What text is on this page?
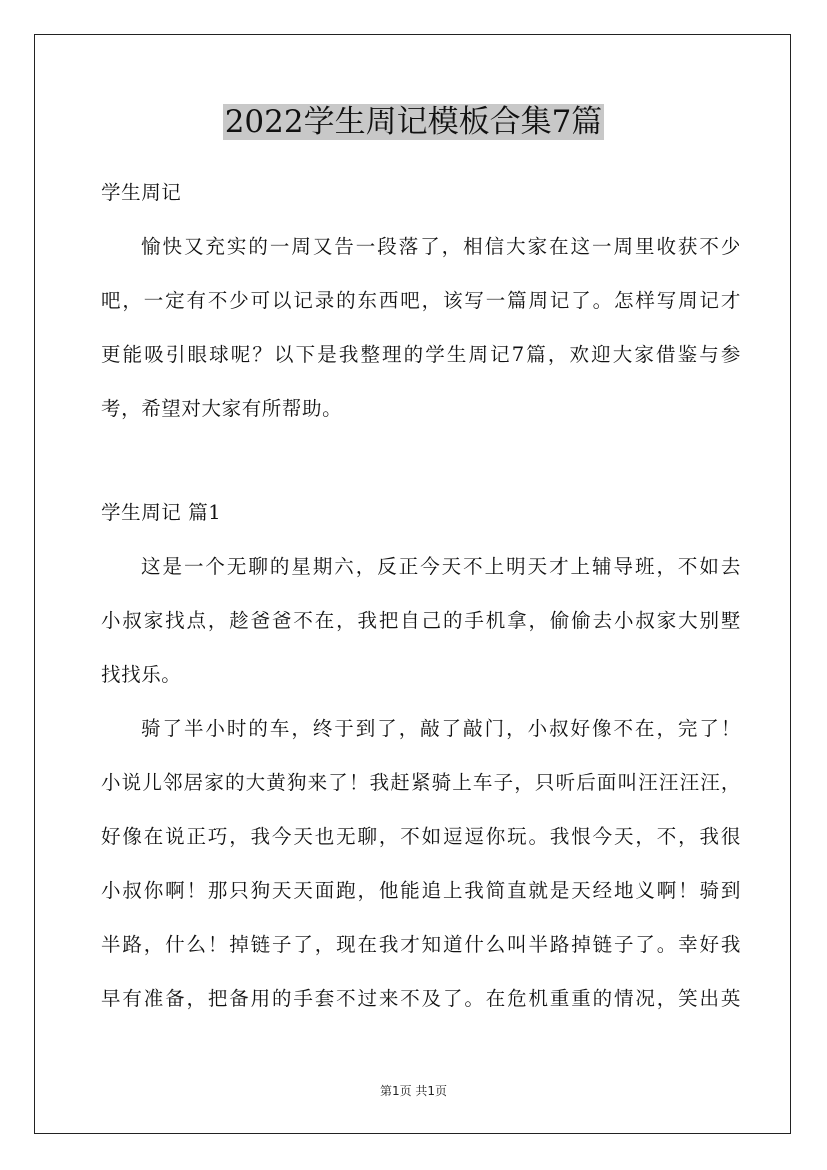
2022学生周记模板合集7篇
学生周记
愉快又充实的一周又告一段落了，相信大家在这一周里收获不少
吧，一定有不少可以记录的东西吧，该写一篇周记了。怎样写周记才
更能吸引眼球呢？以下是我整理的学生周记7篇，欢迎大家借鉴与参
考，希望对大家有所帮助。
学生周记 篇1
这是一个无聊的星期六，反正今天不上明天才上辅导班，不如去
小叔家找点，趁爸爸不在，我把自己的手机拿，偷偷去小叔家大别墅
找找乐。
骑了半小时的车，终于到了，敲了敲门，小叔好像不在，完了！
小说儿邻居家的大黄狗来了！我赶紧骑上车子，只听后面叫汪汪汪汪，
好像在说正巧，我今天也无聊，不如逗逗你玩。我恨今天，不，我很
小叔你啊！那只狗天天面跑，他能追上我简直就是天经地义啊！骑到
半路，什么！掉链子了，现在我才知道什么叫半路掉链子了。幸好我
早有准备，把备用的手套不过来不及了。在危机重重的情况，笑出英
第1页 共1页
